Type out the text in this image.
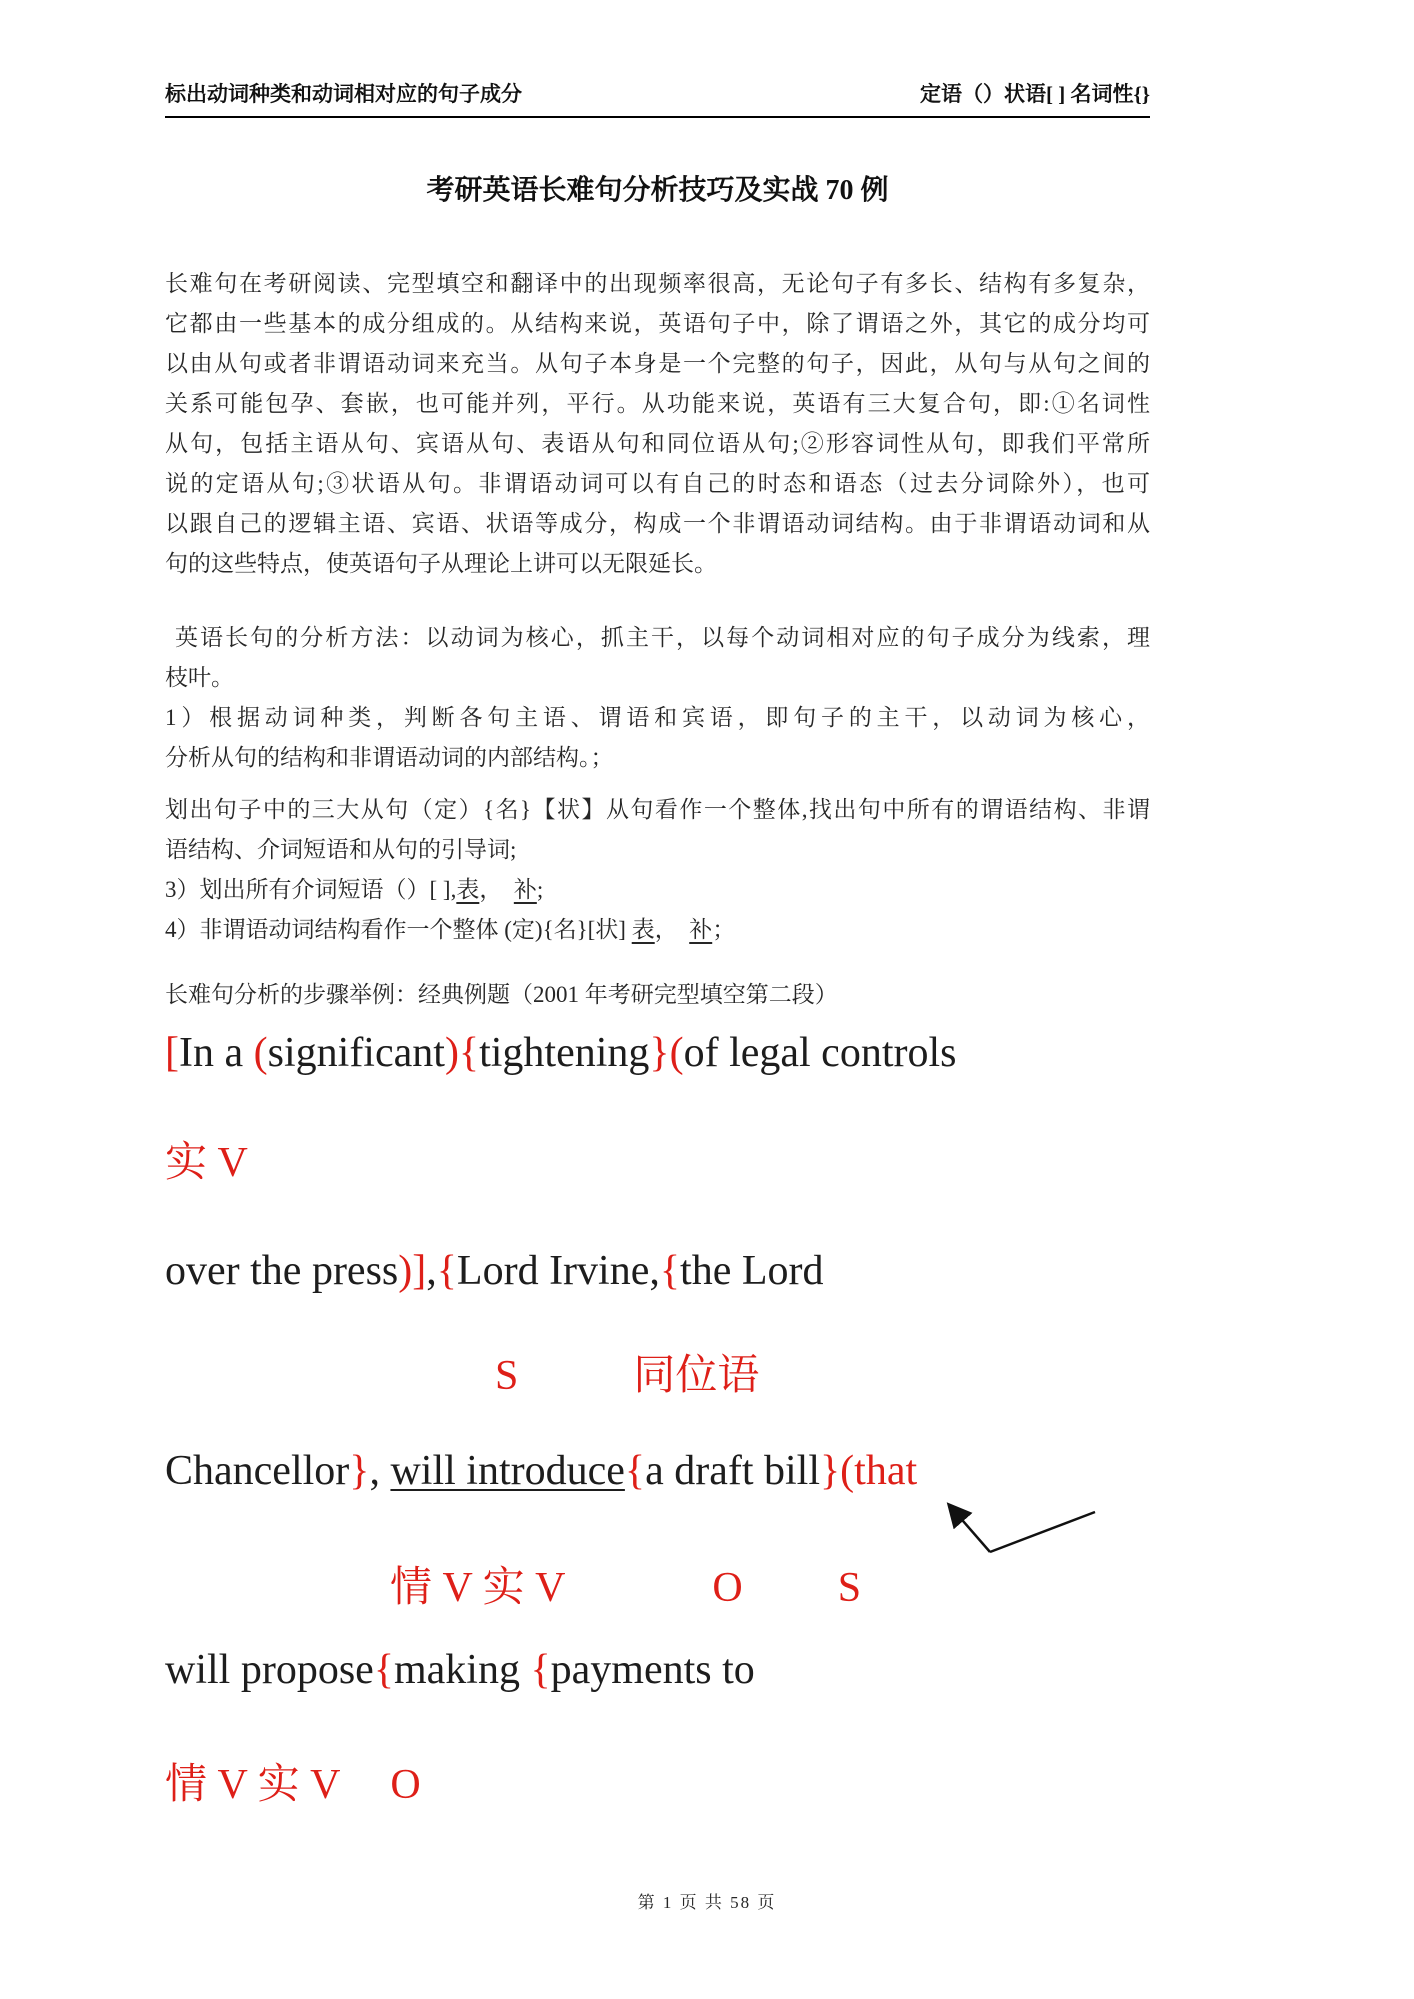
标出动词种类和动词相对应的句子成分	定语（）状语[ ] 名词性{}
考研英语长难句分析技巧及实战 70 例
长难句在考研阅读、完型填空和翻译中的出现频率很高，无论句子有多长、结构有多复杂，
它都由一些基本的成分组成的。从结构来说，英语句子中，除了谓语之外，其它的成分均可
以由从句或者非谓语动词来充当。从句子本身是一个完整的句子，因此，从句与从句之间的
关系可能包孕、套嵌，也可能并列，平行。从功能来说，英语有三大复合句，即:①名词性
从句，包括主语从句、宾语从句、表语从句和同位语从句;②形容词性从句，即我们平常所
说的定语从句;③状语从句。非谓语动词可以有自己的时态和语态（过去分词除外），也可
以跟自己的逻辑主语、宾语、状语等成分，构成一个非谓语动词结构。由于非谓语动词和从
句的这些特点，使英语句子从理论上讲可以无限延长。
英语长句的分析方法：以动词为核心，抓主干，以每个动词相对应的句子成分为线索，理
枝叶。
1）根据动词种类，判断各句主语、谓语和宾语，即句子的主干，以动词为核心，
分析从句的结构和非谓语动词的内部结构。；
划出句子中的三大从句（定）{名}【状】从句看作一个整体,找出句中所有的谓语结构、非谓
语结构、介词短语和从句的引导词;
3）划出所有介词短语（）[ ],表，　补;
4）非谓语动词结构看作一个整体 (定){名}[状] 表，　补；
长难句分析的步骤举例：经典例题（2001 年考研完型填空第二段）
[In a (significant){tightening}(of legal controls
实 V
over the press)],{Lord Irvine,{the Lord
S	同位语
Chancellor}, will introduce{a draft bill}(that
情 V 实 V	O S
will propose{making {payments to
情 V 实 V O
第 1 页 共 58 页
